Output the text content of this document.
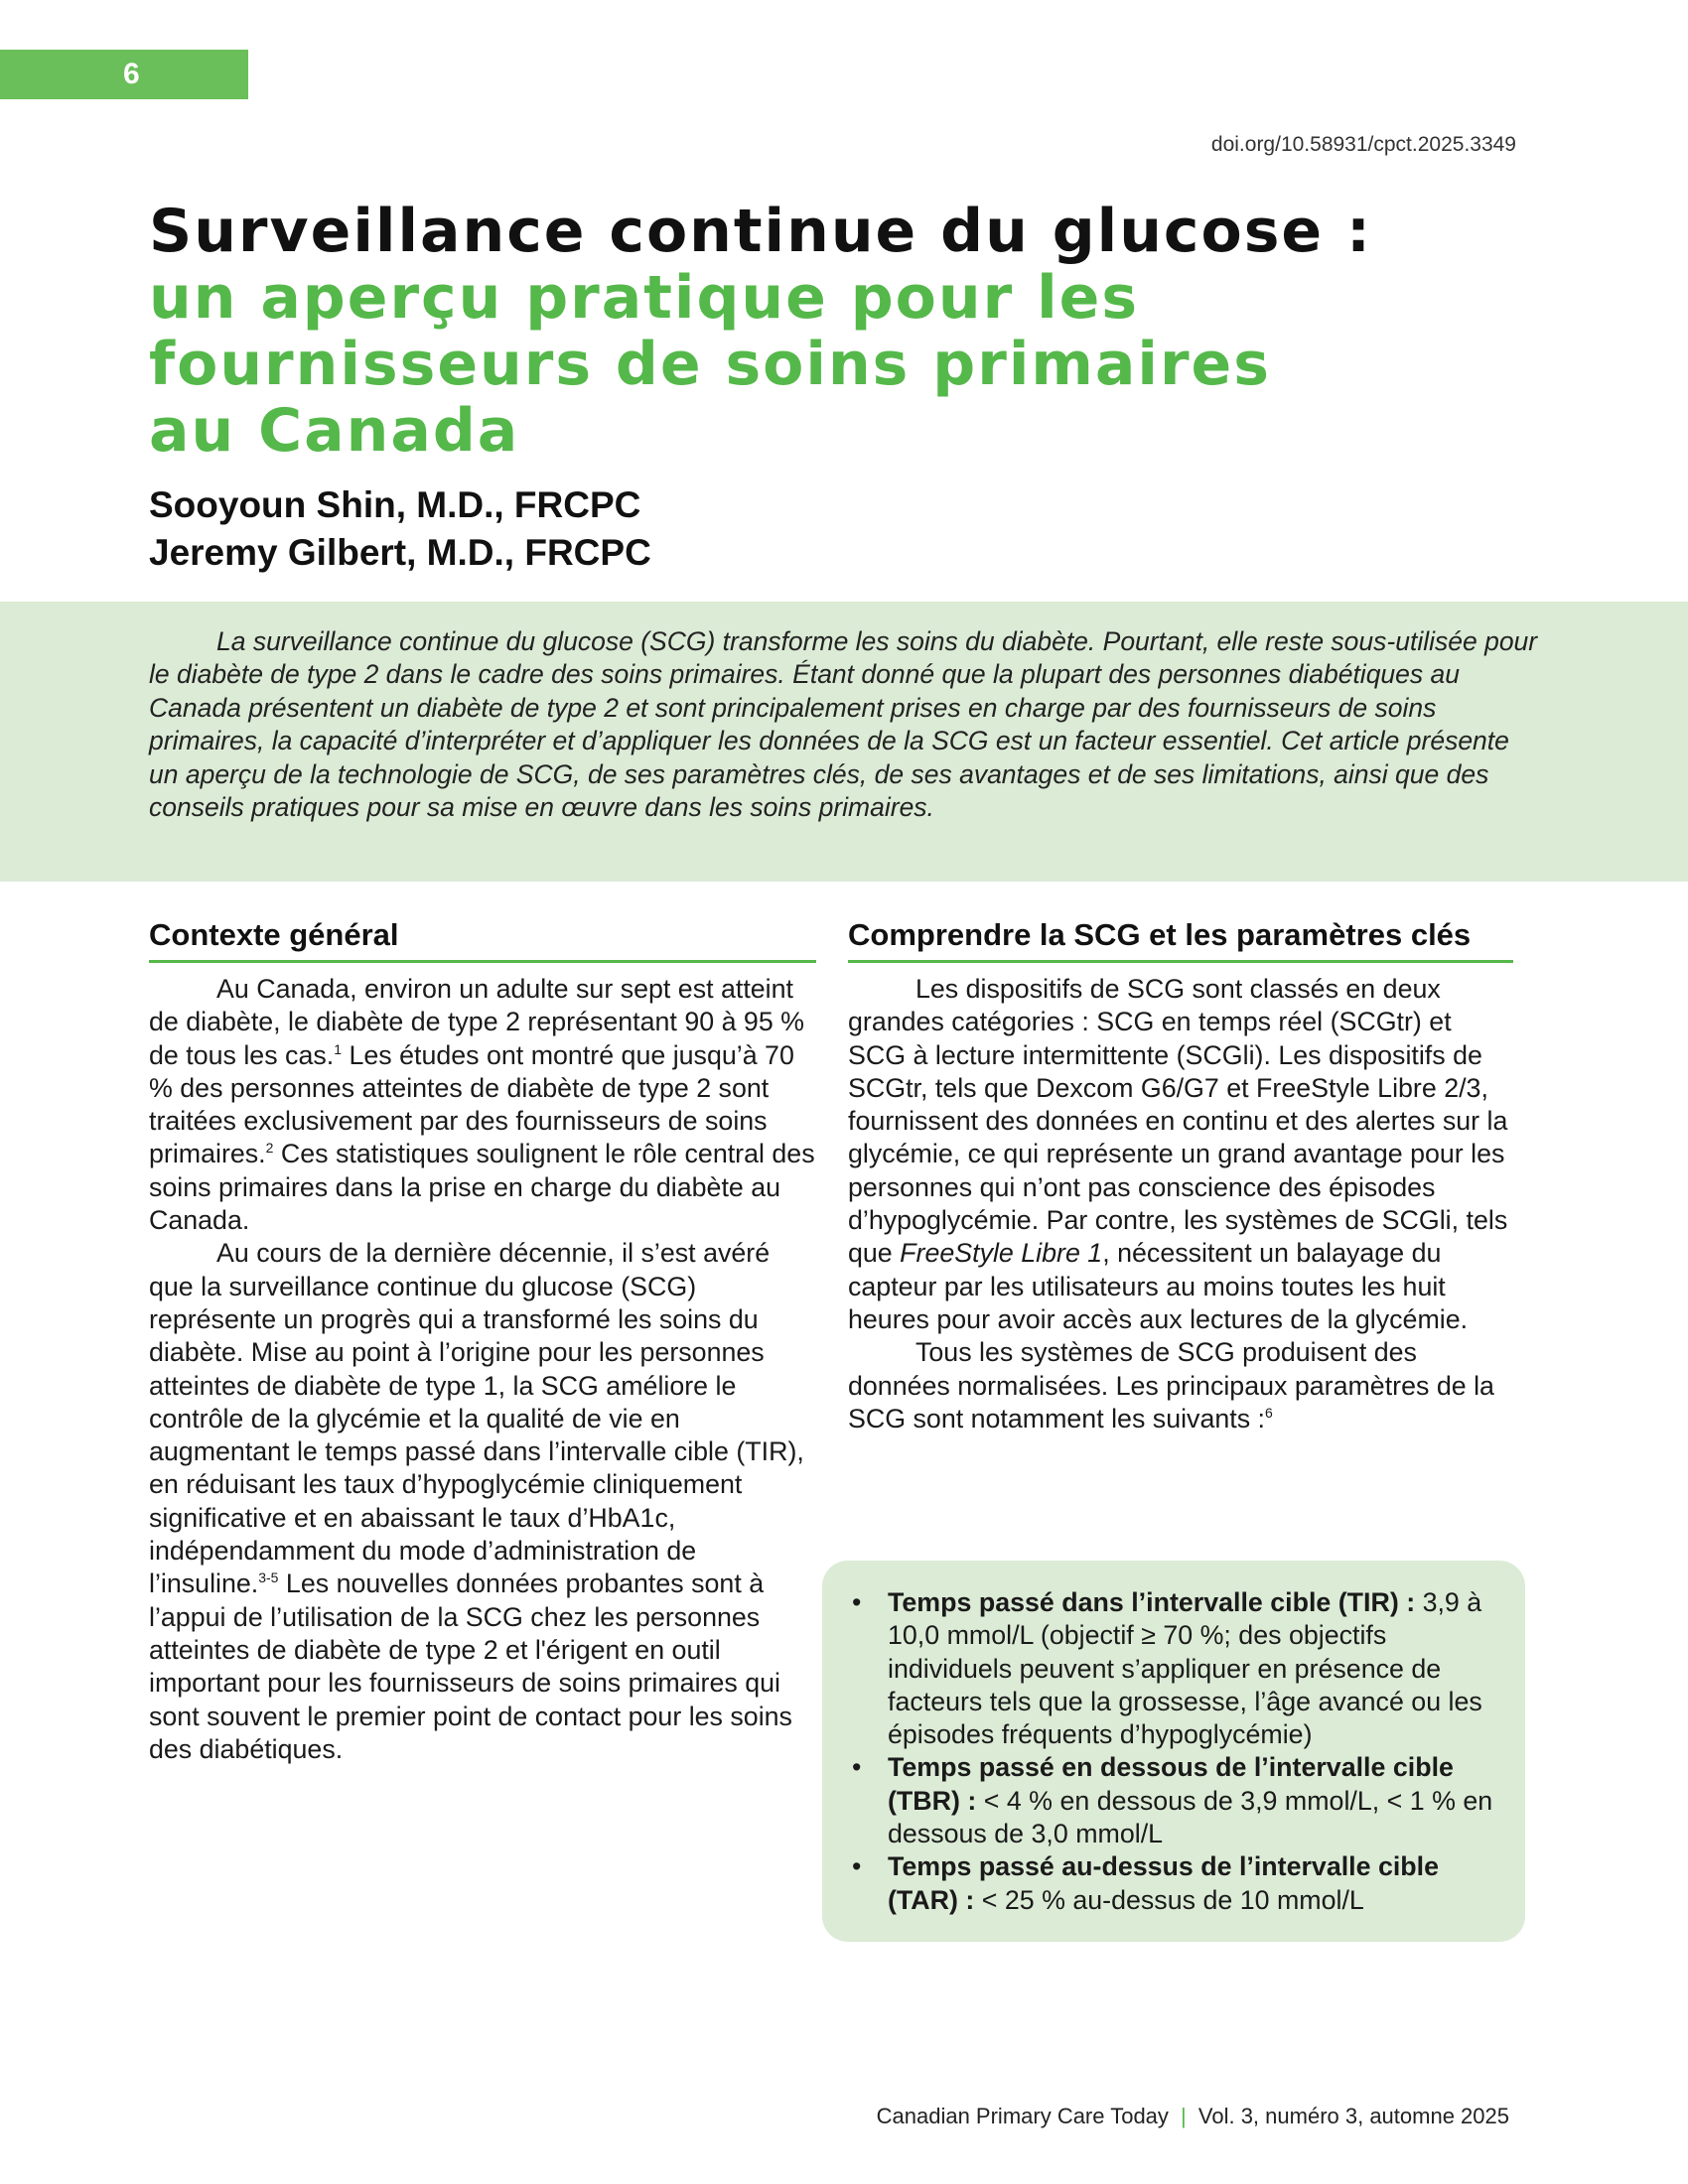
6
doi.org/10.58931/cpct.2025.3349
Surveillance continue du glucose :
un aperçu pratique pour les
fournisseurs de soins primaires
au Canada
Sooyoun Shin, M.D., FRCPC
Jeremy Gilbert, M.D., FRCPC

La surveillance continue du glucose (SCG) transforme les soins du diabète. Pourtant, elle reste sous-utilisée pour le diabète de type 2 dans le cadre des soins primaires. Étant donné que la plupart des personnes diabétiques au Canada présentent un diabète de type 2 et sont principalement prises en charge par des fournisseurs de soins primaires, la capacité d’interpréter et d’appliquer les données de la SCG est un facteur essentiel. Cet article présente un aperçu de la technologie de SCG, de ses paramètres clés, de ses avantages et de ses limitations, ainsi que des conseils pratiques pour sa mise en œuvre dans les soins primaires.

Contexte général

Au Canada, environ un adulte sur sept est atteint de diabète, le diabète de type 2 représentant 90 à 95 % de tous les cas.$^1$ Les études ont montré que jusqu’à 70 % des personnes atteintes de diabète de type 2 sont traitées exclusivement par des fournisseurs de soins primaires.$^2$ Ces statistiques soulignent le rôle central des soins primaires dans la prise en charge du diabète au Canada.

Au cours de la dernière décennie, il s’est avéré que la surveillance continue du glucose (SCG) représente un progrès qui a transformé les soins du diabète. Mise au point à l’origine pour les personnes atteintes de diabète de type 1, la SCG améliore le contrôle de la glycémie et la qualité de vie en augmentant le temps passé dans l’intervalle cible (TIR), en réduisant les taux d’hypoglycémie cliniquement significative et en abaissant le taux d’HbA1c, indépendamment du mode d’administration de l’insuline.$^{3-5}$ Les nouvelles données probantes sont à l’appui de l’utilisation de la SCG chez les personnes atteintes de diabète de type 2 et l'érigent en outil important pour les fournisseurs de soins primaires qui sont souvent le premier point de contact pour les soins des diabétiques.

Comprendre la SCG et les paramètres clés

Les dispositifs de SCG sont classés en deux grandes catégories : SCG en temps réel (SCGtr) et SCG à lecture intermittente (SCGli). Les dispositifs de SCGtr, tels que Dexcom G6/G7 et FreeStyle Libre 2/3, fournissent des données en continu et des alertes sur la glycémie, ce qui représente un grand avantage pour les personnes qui n’ont pas conscience des épisodes d’hypoglycémie. Par contre, les systèmes de SCGli, tels que FreeStyle Libre 1, nécessitent un balayage du capteur par les utilisateurs au moins toutes les huit heures pour avoir accès aux lectures de la glycémie.

Tous les systèmes de SCG produisent des données normalisées. Les principaux paramètres de la SCG sont notamment les suivants :$^6$

• Temps passé dans l’intervalle cible (TIR) : 3,9 à 10,0 mmol/L (objectif ≥ 70 %; des objectifs individuels peuvent s’appliquer en présence de facteurs tels que la grossesse, l’âge avancé ou les épisodes fréquents d’hypoglycémie)
• Temps passé en dessous de l’intervalle cible (TBR) : < 4 % en dessous de 3,9 mmol/L, < 1 % en dessous de 3,0 mmol/L
• Temps passé au-dessus de l’intervalle cible (TAR) : < 25 % au-dessus de 10 mmol/L
Canadian Primary Care Today | Vol. 3, numéro 3, automne 2025
